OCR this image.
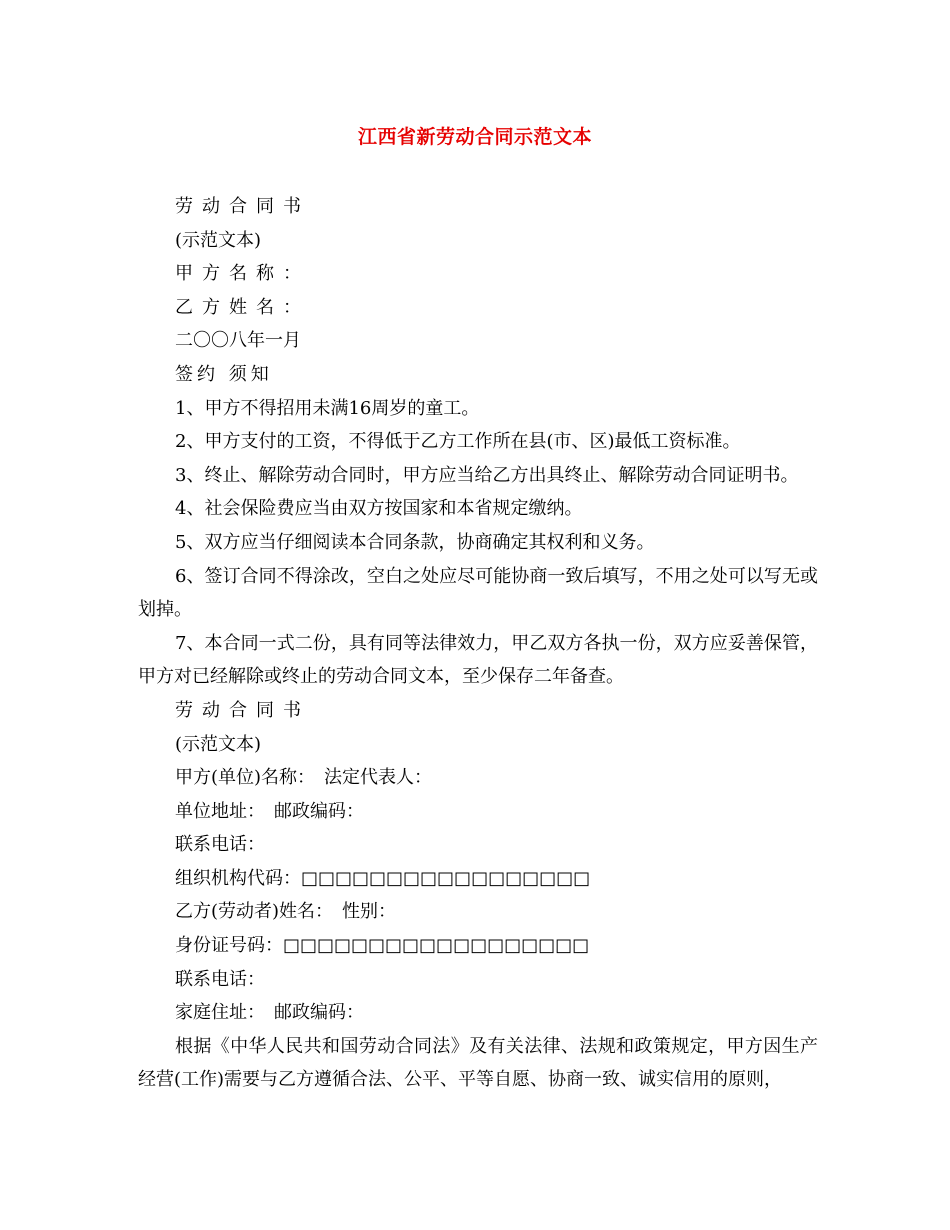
江西省新劳动合同示范文本

劳动合同书

(示范文本)

甲方名称：

乙方姓名：

二〇〇八年一月

签约 须知

1、甲方不得招用未满16周岁的童工。

2、甲方支付的工资，不得低于乙方工作所在县(市、区)最低工资标准。

3、终止、解除劳动合同时，甲方应当给乙方出具终止、解除劳动合同证明书。

4、社会保险费应当由双方按国家和本省规定缴纳。

5、双方应当仔细阅读本合同条款，协商确定其权利和义务。

6、签订合同不得涂改，空白之处应尽可能协商一致后填写，不用之处可以写无或划掉。

7、本合同一式二份，具有同等法律效力，甲乙双方各执一份，双方应妥善保管，甲方对已经解除或终止的劳动合同文本，至少保存二年备查。

劳动合同书

(示范文本)

甲方(单位)名称：　法定代表人：

单位地址：　邮政编码：

联系电话：

组织机构代码：□□□□□□□□□□□□□□□□□

乙方(劳动者)姓名：　性别：

身份证号码：□□□□□□□□□□□□□□□□□□

联系电话：

家庭住址：　邮政编码：

根据《中华人民共和国劳动合同法》及有关法律、法规和政策规定，甲方因生产经营(工作)需要与乙方遵循合法、公平、平等自愿、协商一致、诚实信用的原则，
